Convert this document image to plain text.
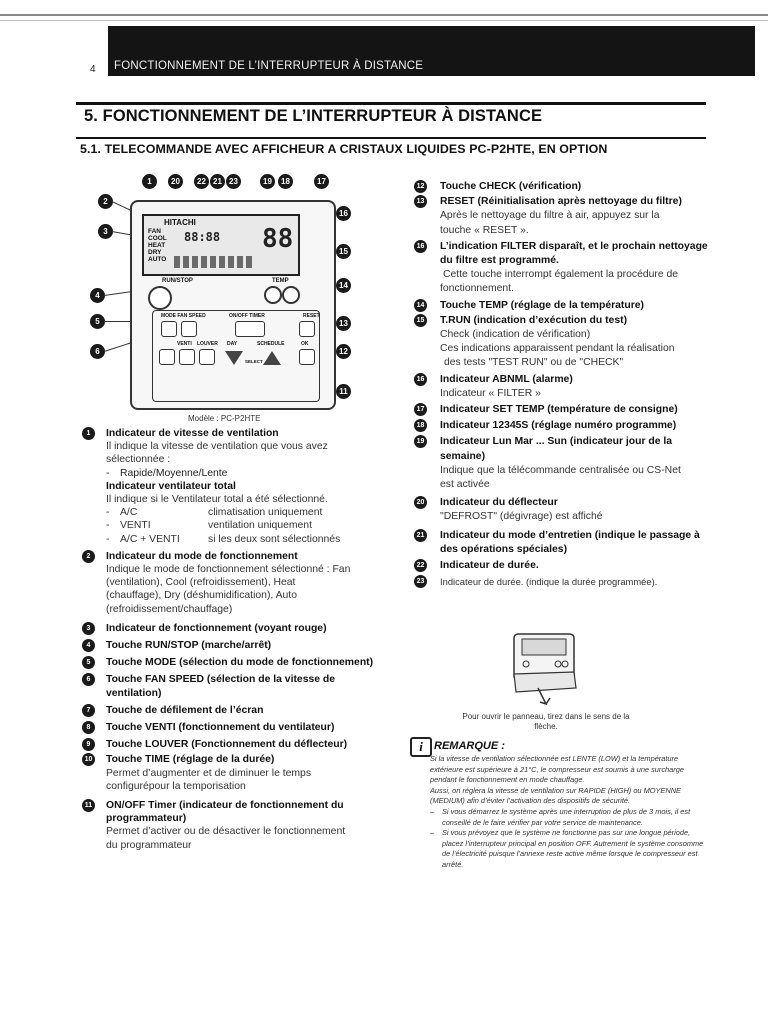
4 FONCTIONNEMENT DE L’INTERRUPTEUR À DISTANCE
5. FONCTIONNEMENT DE L’INTERRUPTEUR À DISTANCE
5.1. TELECOMMANDE AVEC AFFICHEUR A CRISTAUX LIQUIDES PC-P2HTE, EN OPTION
1	20	22 21 23	19	18	17
2
3
4
5
6
16
15
14
13
12
11
HITACHI
FAN
COOL
HEAT
DRY
AUTO
88:88 88
RUN/STOP	TEMP
MODE FAN SPEED	ON/OFF TIMER	RESET
VENTI LOUVER DAY	SCHEDULE	OK
SELECT
Modèle : PC-P2HTE
12 Touche CHECK (vérification)
13 RESET (Réinitialisation après nettoyage du filtre)
Après le nettoyage du filtre à air, appuyez sur la
touche « RESET ».
16 L’indication FILTER disparaît, et le prochain nettoyage du filtre est programmé.
Cette touche interrompt également la procédure de
fonctionnement.
14 Touche TEMP (réglage de la température)
15 T.RUN (indication d’exécution du test)
Check (indication de vérification)
Ces indications apparaissent pendant la réalisation
des tests "TEST RUN" ou de "CHECK"
16 Indicateur ABNML (alarme)
Indicateur « FILTER »
17 Indicateur SET TEMP (température de consigne)
18 Indicateur 12345S (réglage numéro programme)
19 Indicateur Lun Mar ... Sun (indicateur jour de la semaine)
Indique que la télécommande centralisée ou CS-Net
est activée
20 Indicateur du déflecteur
"DEFROST" (dégivrage) est affiché
21 Indicateur du mode d’entretien (indique le passage à des opérations spéciales)
22 Indicateur de durée.
23 Indicateur de durée. (indique la durée programmée).
Pour ouvrir le panneau, tirez dans le sens de la flèche.
i	REMARQUE :

Si la vitesse de ventilation sélectionnée est LENTE (LOW) et la température extérieure est supérieure à 21°C, le compresseur est soumis à une surcharge pendant le fonctionnement en mode chauffage.

Aussi, on réglera la vitesse de ventilation sur RAPIDE (HIGH) ou MOYENNE (MEDIUM) afin d’éviter l’activation des dispositifs de sécurité.

– Si vous démarrez le système après une interruption de plus de 3 mois, il est conseillé de le faire vérifier par votre service de maintenance.

– Si vous prévoyez que le système ne fonctionne pas sur une longue période, placez l’interrupteur principal en position OFF. Autrement le système consomme de l’électricité puisque l’annexe reste active même lorsque le compresseur est arrêté.

1	Indicateur de vitesse de ventilation
Il indique la vitesse de ventilation que vous avez
sélectionnée :
-	Rapide/Moyenne/Lente
Indicateur ventilateur total
Il indique si le Ventilateur total a été sélectionné.
-	A/C	climatisation uniquement
-	VENTI	ventilation uniquement
-	A/C + VENTI	si les deux sont sélectionnés
2	Indicateur du mode de fonctionnement
Indique le mode de fonctionnement sélectionné : Fan
(ventilation), Cool (refroidissement), Heat
(chauffage), Dry (déshumidification), Auto
(refroidissement/chauffage)
3	Indicateur de fonctionnement (voyant rouge)
4	Touche RUN/STOP (marche/arrêt)
5	Touche MODE (sélection du mode de fonctionnement)
6	Touche FAN SPEED (sélection de la vitesse de ventilation)
7	Touche de défilement de l’écran
8	Touche VENTI (fonctionnement du ventilateur)
9	Touche LOUVER (Fonctionnement du déflecteur)
10 Touche TIME (réglage de la durée)
Permet d’augmenter et de diminuer le temps
configurépour la temporisation
11 ON/OFF Timer (indicateur de fonctionnement du programmateur)
Permet d’activer ou de désactiver le fonctionnement
du programmateur
